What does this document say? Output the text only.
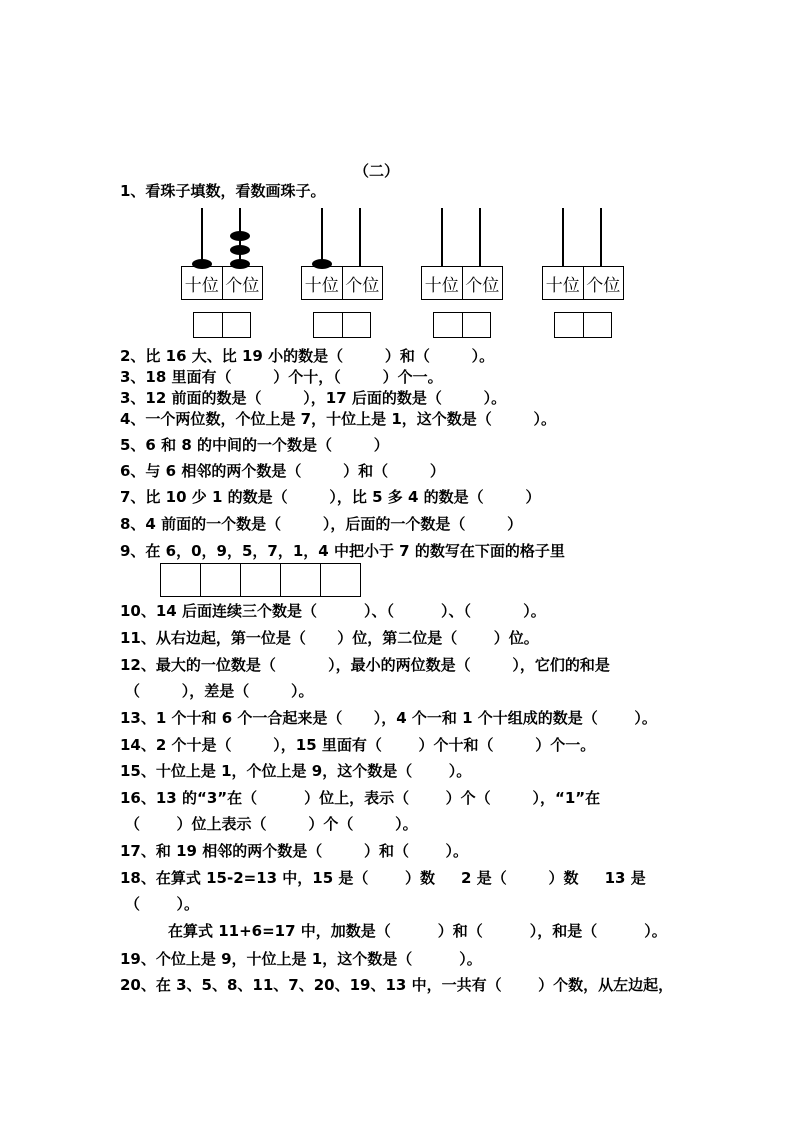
（二）
1、看珠子填数，看数画珠子。
十位 个位	十位 个位	十位 个位	十位 个位
2、比 16 大、比 19 小的数是（        ）和（        ）。
3、18 里面有（        ）个十，（        ）个一。
3、12 前面的数是（        ），17 后面的数是（        ）。
4、一个两位数，个位上是 7，十位上是 1，这个数是（        ）。
5、6 和 8 的中间的一个数是（        ）
6、与 6 相邻的两个数是（        ）和（        ）
7、比 10 少 1 的数是（        ），比 5 多 4 的数是（        ）
8、4 前面的一个数是（        ），后面的一个数是（        ）
9、在 6，0，9，5，7，1，4 中把小于 7 的数写在下面的格子里
10、14 后面连续三个数是（         ）、（         ）、（          ）。
11、从右边起，第一位是（      ）位，第二位是（       ）位。
12、最大的一位数是（          ），最小的两位数是（        ），它们的和是
（        ），差是（        ）。
13、1 个十和 6 个一合起来是（      ），4 个一和 1 个十组成的数是（       ）。
14、2 个十是（        ），15 里面有（       ）个十和（        ）个一。
15、十位上是 1，个位上是 9，这个数是（       ）。
16、13 的“3”在（         ）位上，表示（       ）个（        ），“1”在
（       ）位上表示（        ）个（        ）。
17、和 19 相邻的两个数是（        ）和（       ）。
18、在算式 15-2=13 中，15 是（       ）数     2 是（        ）数     13 是
（       ）。
在算式 11+6=17 中，加数是（         ）和（         ），和是（         ）。
19、个位上是 9，十位上是 1，这个数是（         ）。
20、在 3、5、8、11、7、20、19、13 中，一共有（       ）个数，从左边起，
